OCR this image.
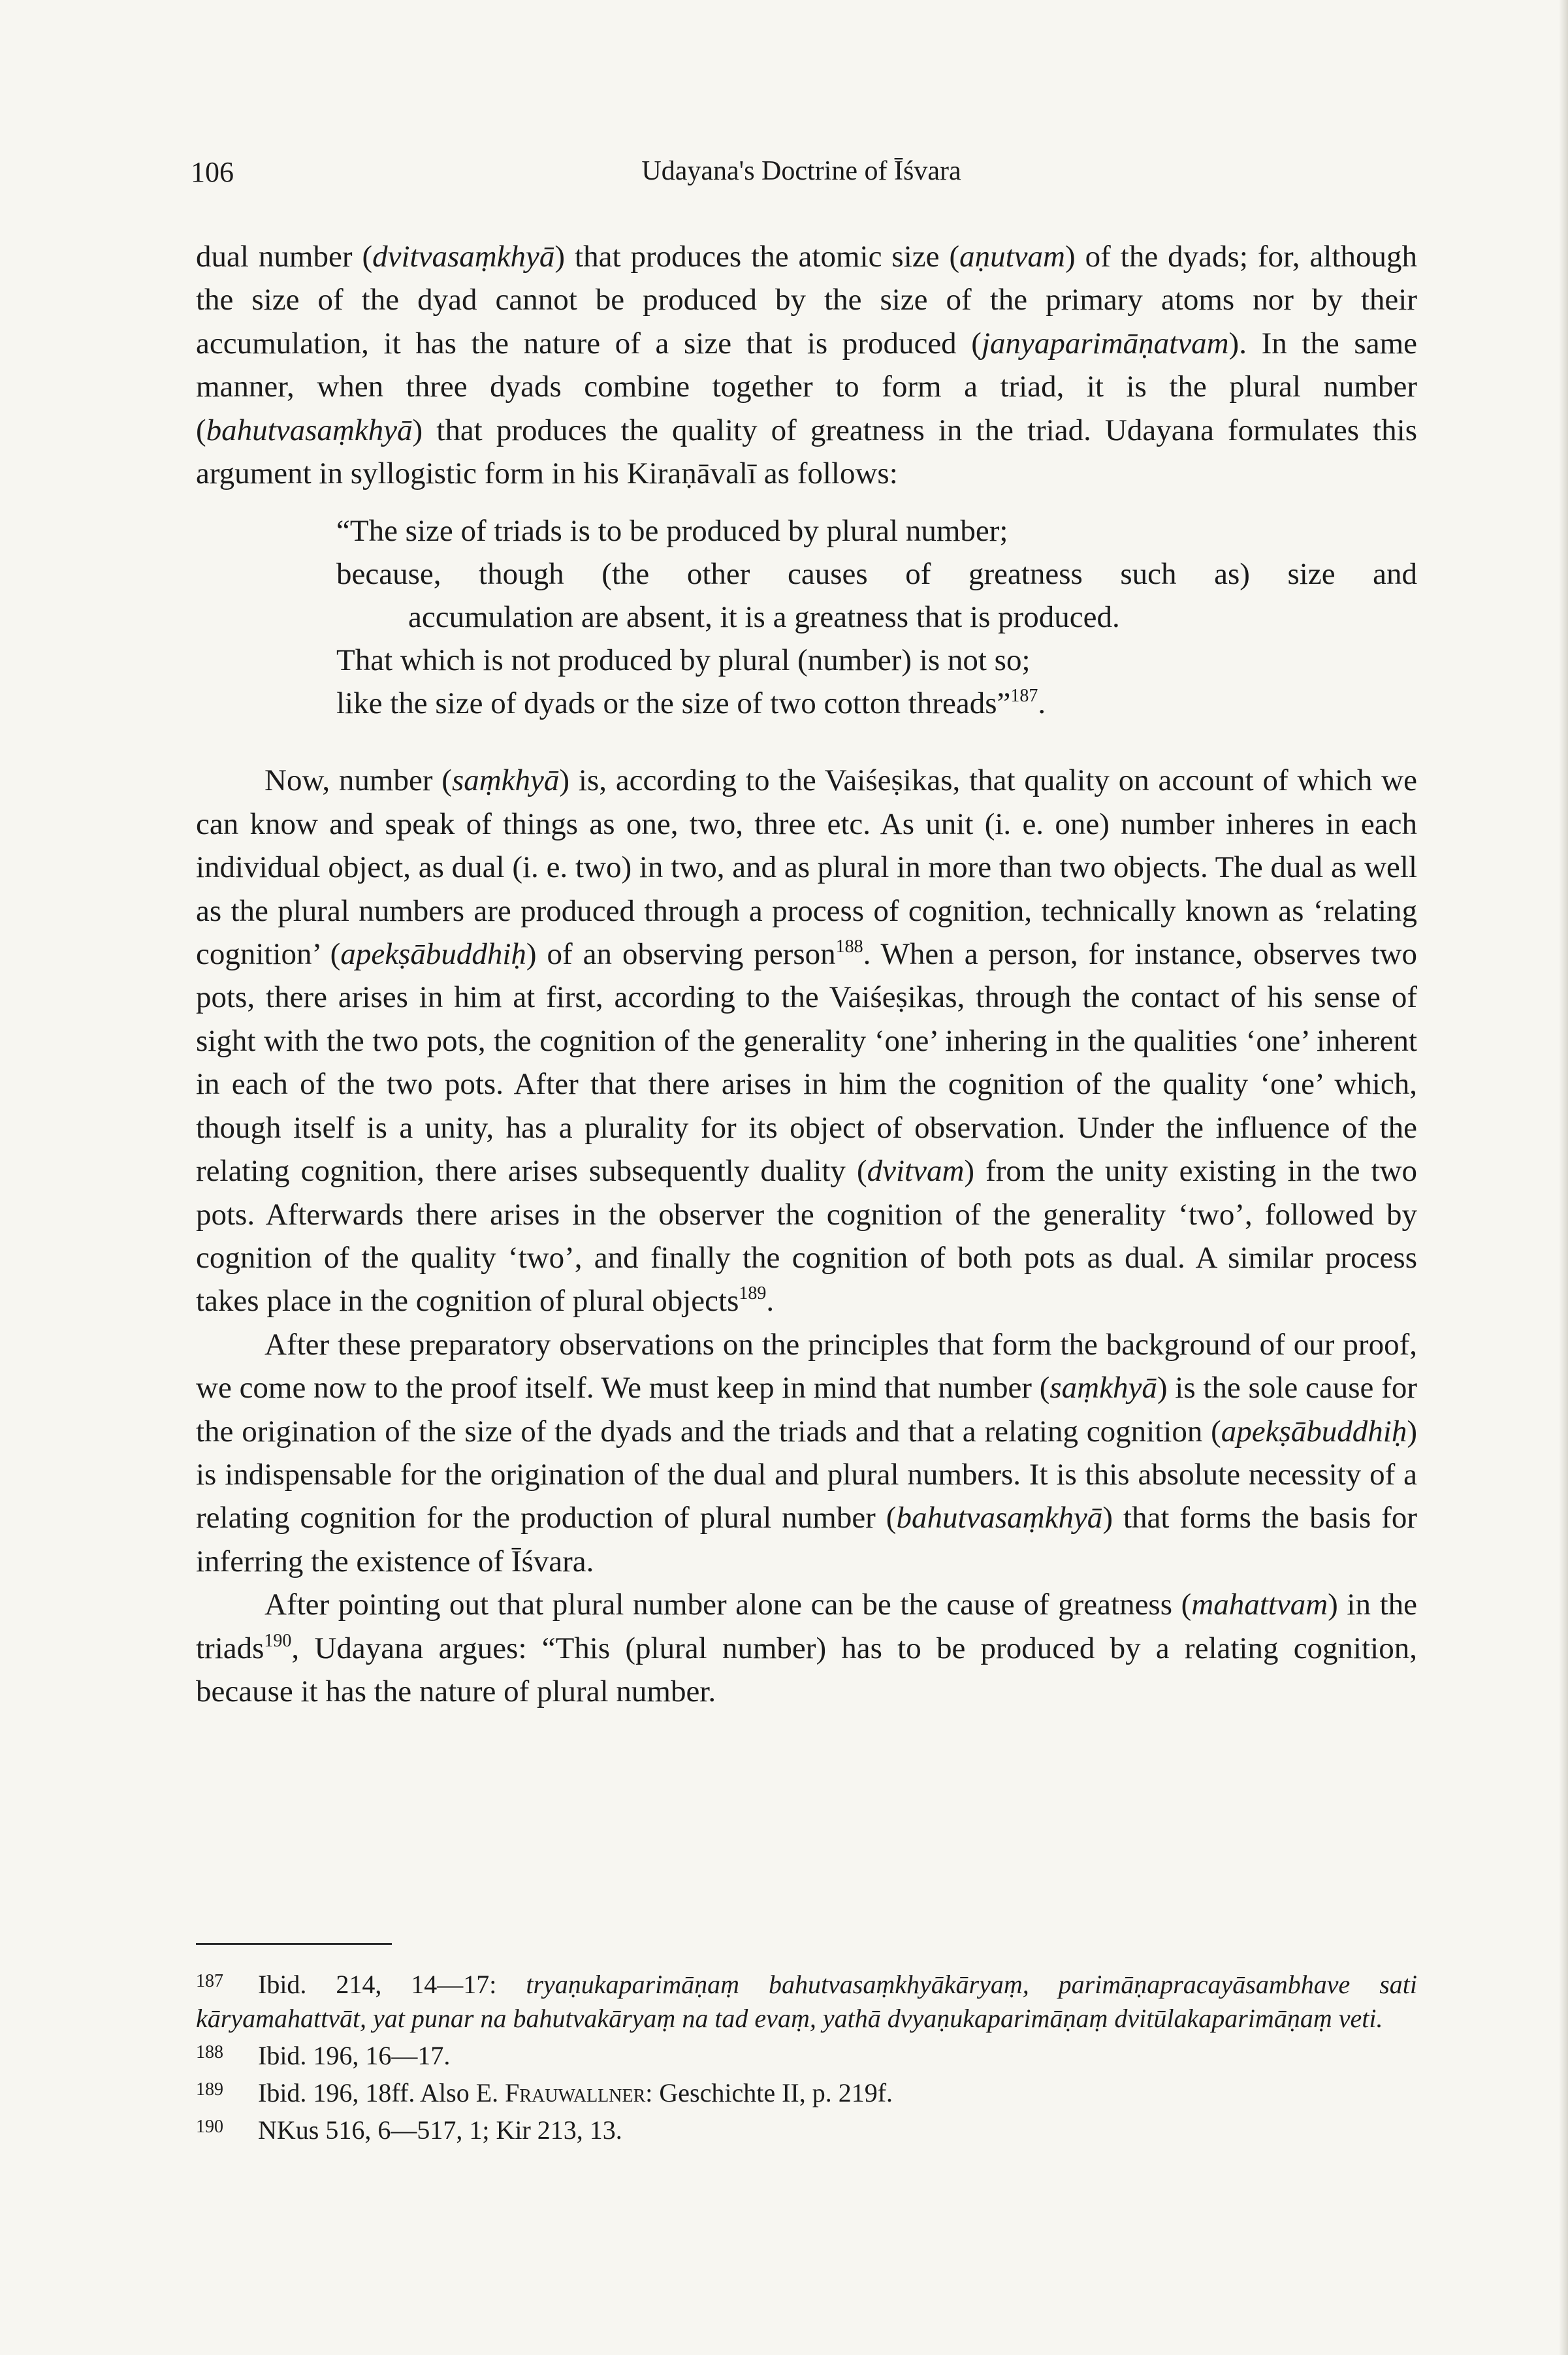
106	Udayana's Doctrine of Īśvara

dual number (dvitvasaṃkhyā) that produces the atomic size (aṇutvam) of the dyads; for, although the size of the dyad cannot be produced by the size of the primary atoms nor by their accumulation, it has the nature of a size that is produced (janyaparimāṇatvam). In the same manner, when three dyads combine together to form a triad, it is the plural number (bahutvasaṃkhyā) that produces the quality of greatness in the triad. Udayana formulates this argument in syllogistic form in his Kiraṇāvalī as follows:

“The size of triads is to be produced by plural number;
because, though (the other causes of greatness such as) size and
accumulation are absent, it is a greatness that is produced.
That which is not produced by plural (number) is not so;
like the size of dyads or the size of two cotton threads”$^{187}$.

Now, number (saṃkhyā) is, according to the Vaiśeṣikas, that quality on account of which we can know and speak of things as one, two, three etc. As unit (i. e. one) number inheres in each individual object, as dual (i. e. two) in two, and as plural in more than two objects. The dual as well as the plural numbers are produced through a process of cognition, technically known as ‘relating cognition’ (apekṣābuddhiḥ) of an observing person$^{188}$. When a person, for instance, observes two pots, there arises in him at first, according to the Vaiśeṣikas, through the contact of his sense of sight with the two pots, the cognition of the generality ‘one’ inhering in the qualities ‘one’ inherent in each of the two pots. After that there arises in him the cognition of the quality ‘one’ which, though itself is a unity, has a plurality for its object of observation. Under the influence of the relating cognition, there arises subsequently duality (dvitvam) from the unity existing in the two pots. Afterwards there arises in the observer the cognition of the generality ‘two’, followed by cognition of the quality ‘two’, and finally the cognition of both pots as dual. A similar process takes place in the cognition of plural objects$^{189}$.

After these preparatory observations on the principles that form the background of our proof, we come now to the proof itself. We must keep in mind that number (saṃkhyā) is the sole cause for the origination of the size of the dyads and the triads and that a relating cognition (apekṣābuddhiḥ) is indispensable for the origination of the dual and plural numbers. It is this absolute necessity of a relating cognition for the production of plural number (bahutvasaṃkhyā) that forms the basis for inferring the existence of Īśvara.

After pointing out that plural number alone can be the cause of greatness (mahattvam) in the triads$^{190}$, Udayana argues: “This (plural number) has to be produced by a relating cognition, because it has the nature of plural number.

187 Ibid. 214, 14—17: tryaṇukaparimāṇaṃ bahutvasaṃkhyākāryaṃ, parimāṇapracayāsambhave sati kāryamahattvāt, yat punar na bahutvakāryaṃ na tad evaṃ, yathā dvyaṇukaparimāṇaṃ dvitūlakaparimāṇaṃ veti.
188 Ibid. 196, 16—17.
189 Ibid. 196, 18ff. Also E. Frauwallner: Geschichte II, p. 219f.
190 NKus 516, 6—517, 1; Kir 213, 13.
